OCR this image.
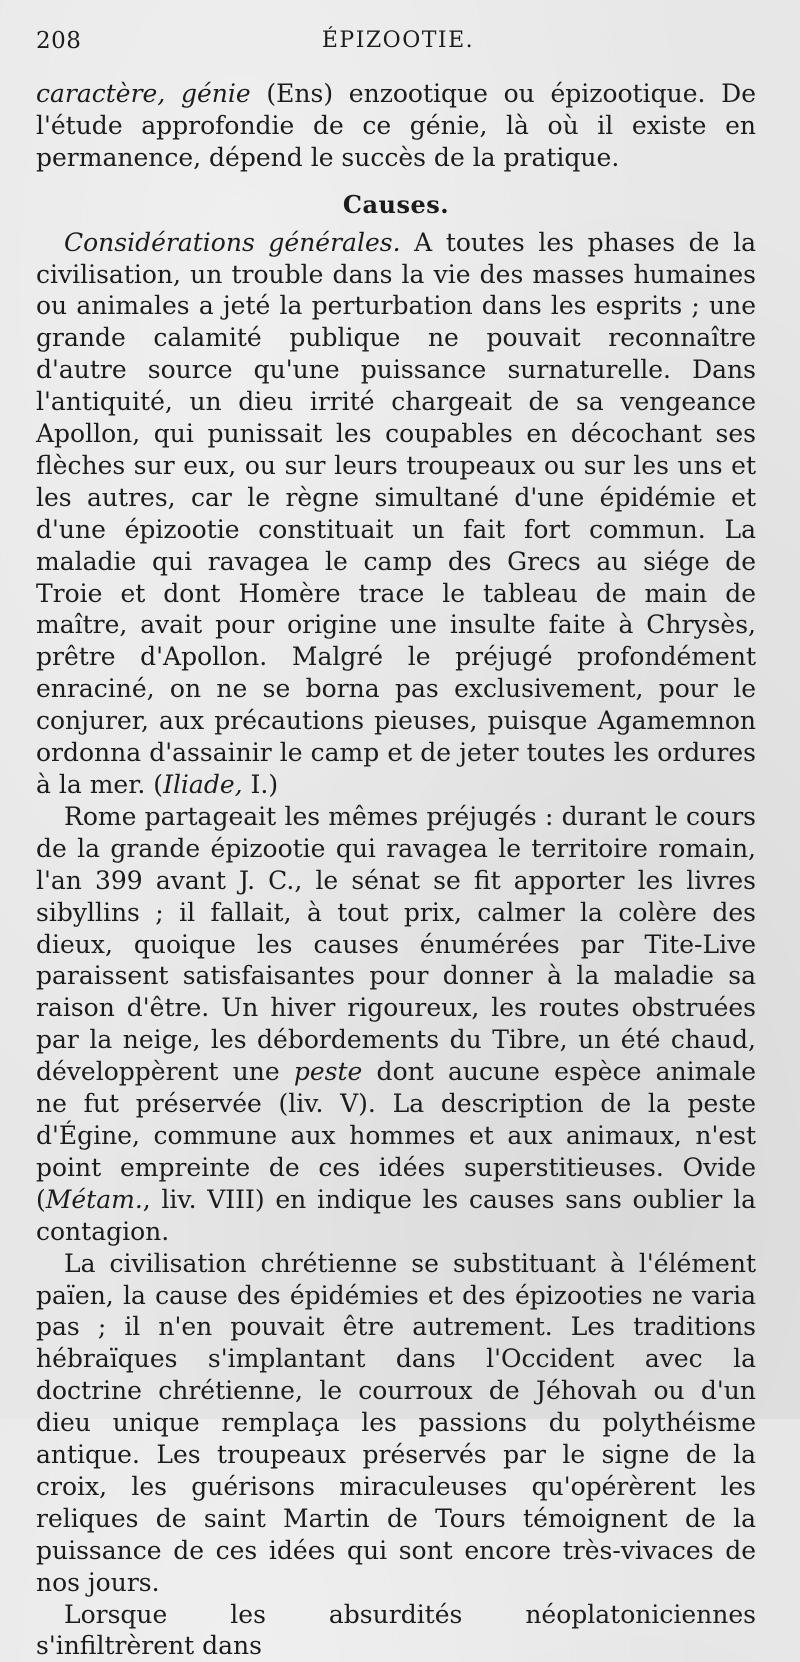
208	ÉPIZOOTIE.

caractère, génie (Ens) enzootique ou épizootique. De l'étude approfondie de ce génie, là où il existe en permanence, dépend le succès de la pratique.

Causes.

Considérations générales. A toutes les phases de la civilisation, un trouble dans la vie des masses humaines ou animales a jeté la perturbation dans les esprits ; une grande calamité publique ne pouvait reconnaître d'autre source qu'une puissance surnaturelle. Dans l'antiquité, un dieu irrité chargeait de sa vengeance Apollon, qui punissait les coupables en décochant ses flèches sur eux, ou sur leurs troupeaux ou sur les uns et les autres, car le règne simultané d'une épidémie et d'une épizootie constituait un fait fort commun. La maladie qui ravagea le camp des Grecs au siége de Troie et dont Homère trace le tableau de main de maître, avait pour origine une insulte faite à Chrysès, prêtre d'Apollon. Malgré le préjugé profondément enraciné, on ne se borna pas exclusivement, pour le conjurer, aux précautions pieuses, puisque Agamemnon ordonna d'assainir le camp et de jeter toutes les ordures à la mer. (Iliade, I.)

Rome partageait les mêmes préjugés : durant le cours de la grande épizootie qui ravagea le territoire romain, l'an 399 avant J. C., le sénat se fit apporter les livres sibyllins ; il fallait, à tout prix, calmer la colère des dieux, quoique les causes énumérées par Tite-Live paraissent satisfaisantes pour donner à la maladie sa raison d'être. Un hiver rigoureux, les routes obstruées par la neige, les débordements du Tibre, un été chaud, développèrent une peste dont aucune espèce animale ne fut préservée (liv. V). La description de la peste d'Égine, commune aux hommes et aux animaux, n'est point empreinte de ces idées superstitieuses. Ovide (Métam., liv. VIII) en indique les causes sans oublier la contagion.

La civilisation chrétienne se substituant à l'élément païen, la cause des épidémies et des épizooties ne varia pas ; il n'en pouvait être autrement. Les traditions hébraïques s'implantant dans l'Occident avec la doctrine chrétienne, le courroux de Jéhovah ou d'un dieu unique remplaça les passions du polythéisme antique. Les troupeaux préservés par le signe de la croix, les guérisons miraculeuses qu'opérèrent les reliques de saint Martin de Tours témoignent de la puissance de ces idées qui sont encore très-vivaces de nos jours.

Lorsque les absurdités néoplatoniciennes s'infiltrèrent dans
